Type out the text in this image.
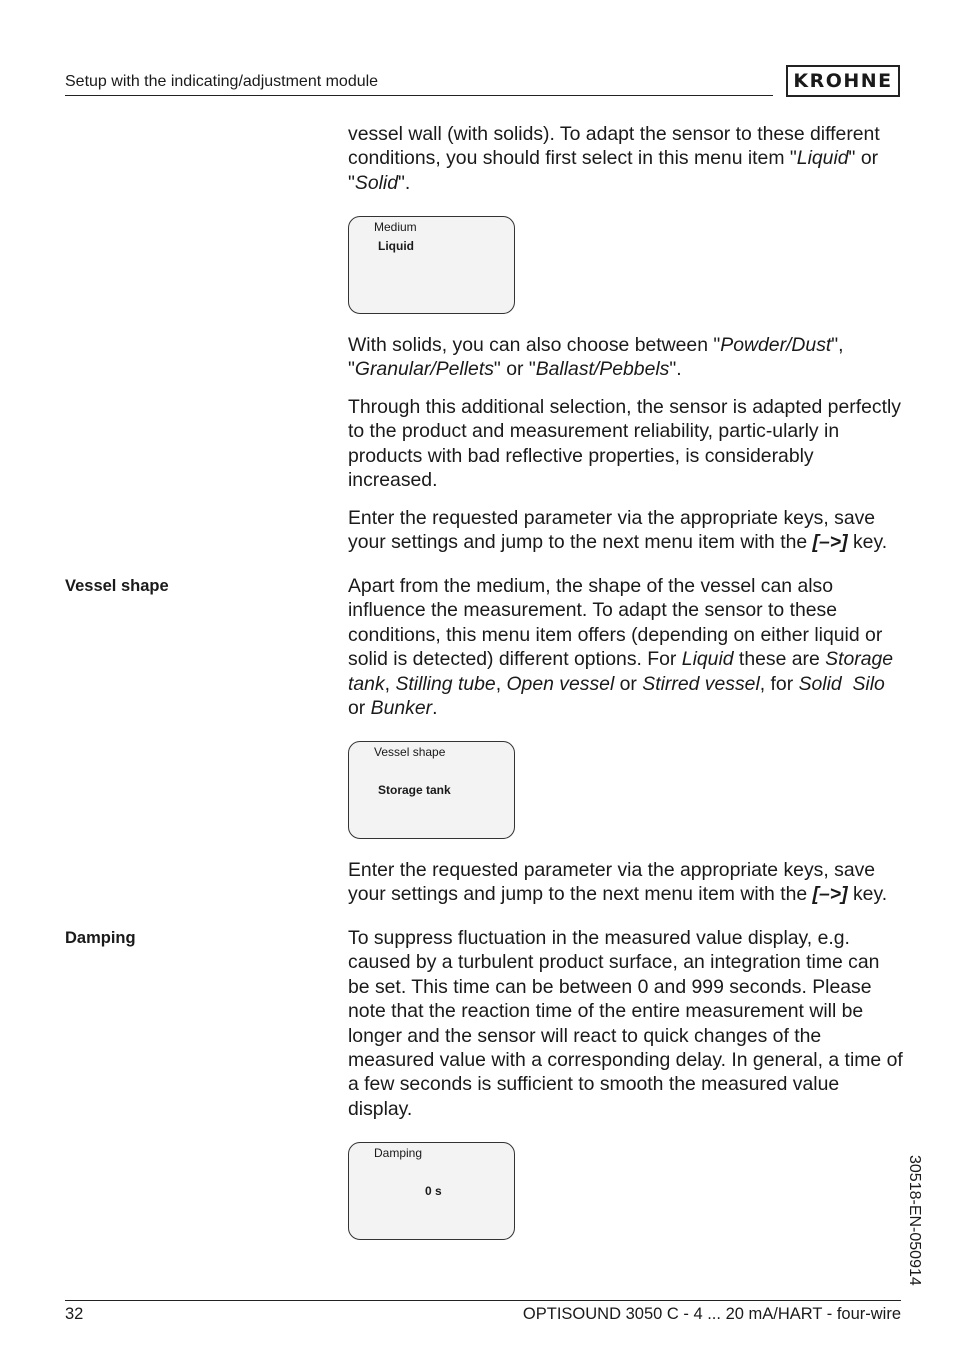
Setup with the indicating/adjustment module	KROHNE

vessel wall (with solids). To adapt the sensor to these different conditions, you should first select in this menu item "Liquid" or "Solid".

Medium
Liquid

With solids, you can also choose between "Powder/Dust", "Granular/Pellets" or "Ballast/Pebbels".

Through this additional selection, the sensor is adapted perfectly to the product and measurement reliability, partic-ularly in products with bad reflective properties, is considerably increased.

Enter the requested parameter via the appropriate keys, save your settings and jump to the next menu item with the [–>] key.

Vessel shape	Apart from the medium, the shape of the vessel can also influence the measurement. To adapt the sensor to these conditions, this menu item offers (depending on either liquid or solid is detected) different options. For Liquid these are Storage tank, Stilling tube, Open vessel or Stirred vessel, for Solid  Silo or Bunker.

Vessel shape
Storage tank

Enter the requested parameter via the appropriate keys, save your settings and jump to the next menu item with the [–>] key.

Damping	To suppress fluctuation in the measured value display, e.g. caused by a turbulent product surface, an integration time can be set. This time can be between 0 and 999 seconds. Please note that the reaction time of the entire measurement will be longer and the sensor will react to quick changes of the measured value with a corresponding delay. In general, a time of a few seconds is sufficient to smooth the measured value display.

Damping
0 s	30518-EN-050914
32	OPTISOUND 3050 C - 4 ... 20 mA/HART - four-wire
